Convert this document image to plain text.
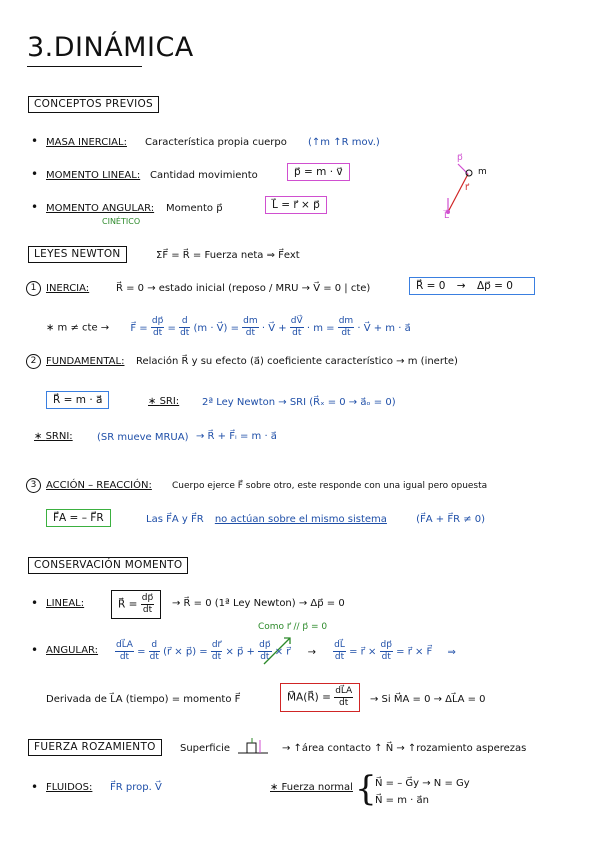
3.DINÁMICA
CONCEPTOS PREVIOS
• MASA INERCIAL: Característica propia cuerpo (↑m ↑R mov.)
• MOMENTO LINEAL: Cantidad movimiento	p⃗ = m · v⃗
• MOMENTO ANGULAR:
CINÉTICO
Momento p⃗	L⃗ = r⃗ × p⃗
p⃗
m
r⃗
L⃗
LEYES NEWTON	ΣF⃗ = R⃗ = Fuerza neta ⇒ F⃗ext
1 INERCIA:	R⃗ = 0 → estado inicial (reposo / MRU → V⃗ = 0 | cte)	R⃗ = 0 → Δp⃗ = 0
∗ m ≠ cte → F⃗ = $\frac{dp⃗}{dt} = \frac{d}{dt} (m$ · V⃗) = $\frac{dm}{dt}$ · V⃗ + $\frac{dV⃗}{dt} \cdot m = \frac{dm}{dt}$ · V⃗ + m · a⃗
2 FUNDAMENTAL: Relación R⃗ y su efecto (a⃗) coeficiente característico → m (inerte)
R⃗ = m · a⃗	∗ SRI: 2ª Ley Newton → SRI (R⃗ₓ = 0 → a⃗ₒ = 0)
∗ SRNI: (SR mueve MRUA) → R⃗ + F⃗ᵢ = m · a⃗
3 ACCIÓN – REACCIÓN: Cuerpo ejerce F⃗ sobre otro, este responde con una igual pero opuesta
F⃗A = – F⃗R	Las F⃗A y F⃗R no actúan sobre el mismo sistema	(F⃗A + F⃗R ≠ 0)
CONSERVACIÓN MOMENTO
• LINEAL:	R⃗ = $\frac{dp⃗}{dt}$ → R⃗ = 0 (1ª Ley Newton) → Δp⃗ = 0
Como r⃗ // p⃗ = 0
• ANGULAR: $\frac{dL⃗A}{dt} = \frac{d}{dt}$ (r⃗ × p⃗) = $\frac{dr⃗}{dt}$ × p⃗ + $\frac{dp⃗}{dt}$ × r⃗ → $\frac{dL⃗}{dt}$ = r⃗ × $\frac{dp⃗}{dt}$ = r⃗ × F⃗ ⇒
Derivada de L⃗A (tiempo) = momento F⃗	M⃗A(R⃗) = $\frac{dL⃗A}{dt} \to Si$ M⃗A = 0 → ΔL⃗A = 0
FUERZA ROZAMIENTO	Superficie	→ ↑área contacto ↑ N⃗ → ↑rozamiento asperezas
• FLUIDOS: F⃗R prop. V⃗	∗ Fuerza normal {
N⃗ = – G⃗y → N = Gy
N⃗ = m · a⃗n
